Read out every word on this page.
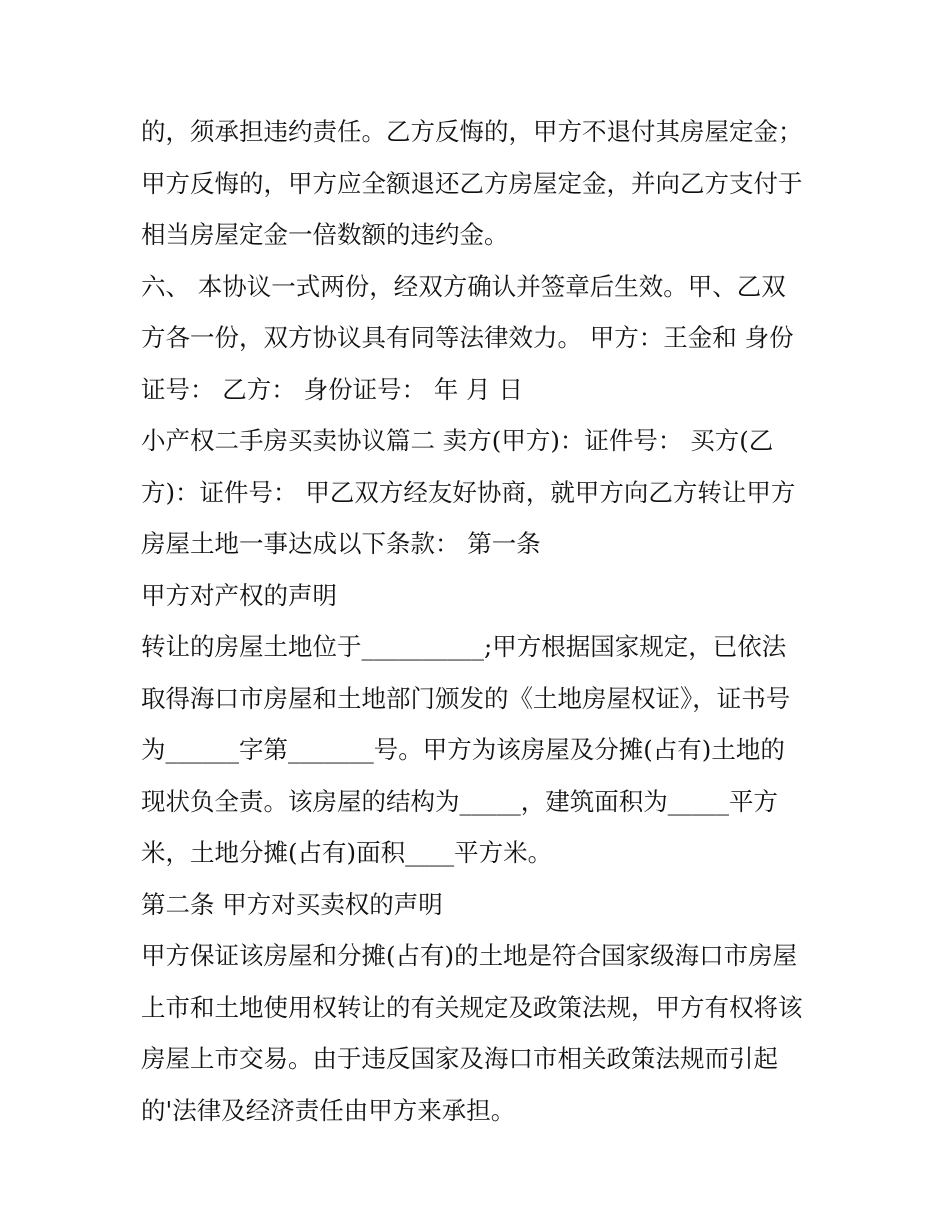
的，须承担违约责任。乙方反悔的，甲方不退付其房屋定金；
甲方反悔的，甲方应全额退还乙方房屋定金，并向乙方支付于
相当房屋定金一倍数额的违约金。
六、 本协议一式两份，经双方确认并签章后生效。甲、乙双
方各一份，双方协议具有同等法律效力。 甲方：王金和 身份
证号： 乙方： 身份证号： 年 月 日
小产权二手房买卖协议篇二 卖方(甲方)：证件号： 买方(乙
方)：证件号： 甲乙双方经友好协商，就甲方向乙方转让甲方
房屋土地一事达成以下条款： 第一条
甲方对产权的声明
转让的房屋土地位于__________;甲方根据国家规定，已依法
取得海口市房屋和土地部门颁发的《土地房屋权证》，证书号
为______字第_______号。甲方为该房屋及分摊(占有)土地的
现状负全责。该房屋的结构为_____，建筑面积为_____平方
米，土地分摊(占有)面积____平方米。
第二条 甲方对买卖权的声明
甲方保证该房屋和分摊(占有)的土地是符合国家级海口市房屋
上市和土地使用权转让的有关规定及政策法规，甲方有权将该
房屋上市交易。由于违反国家及海口市相关政策法规而引起
的'法律及经济责任由甲方来承担。
